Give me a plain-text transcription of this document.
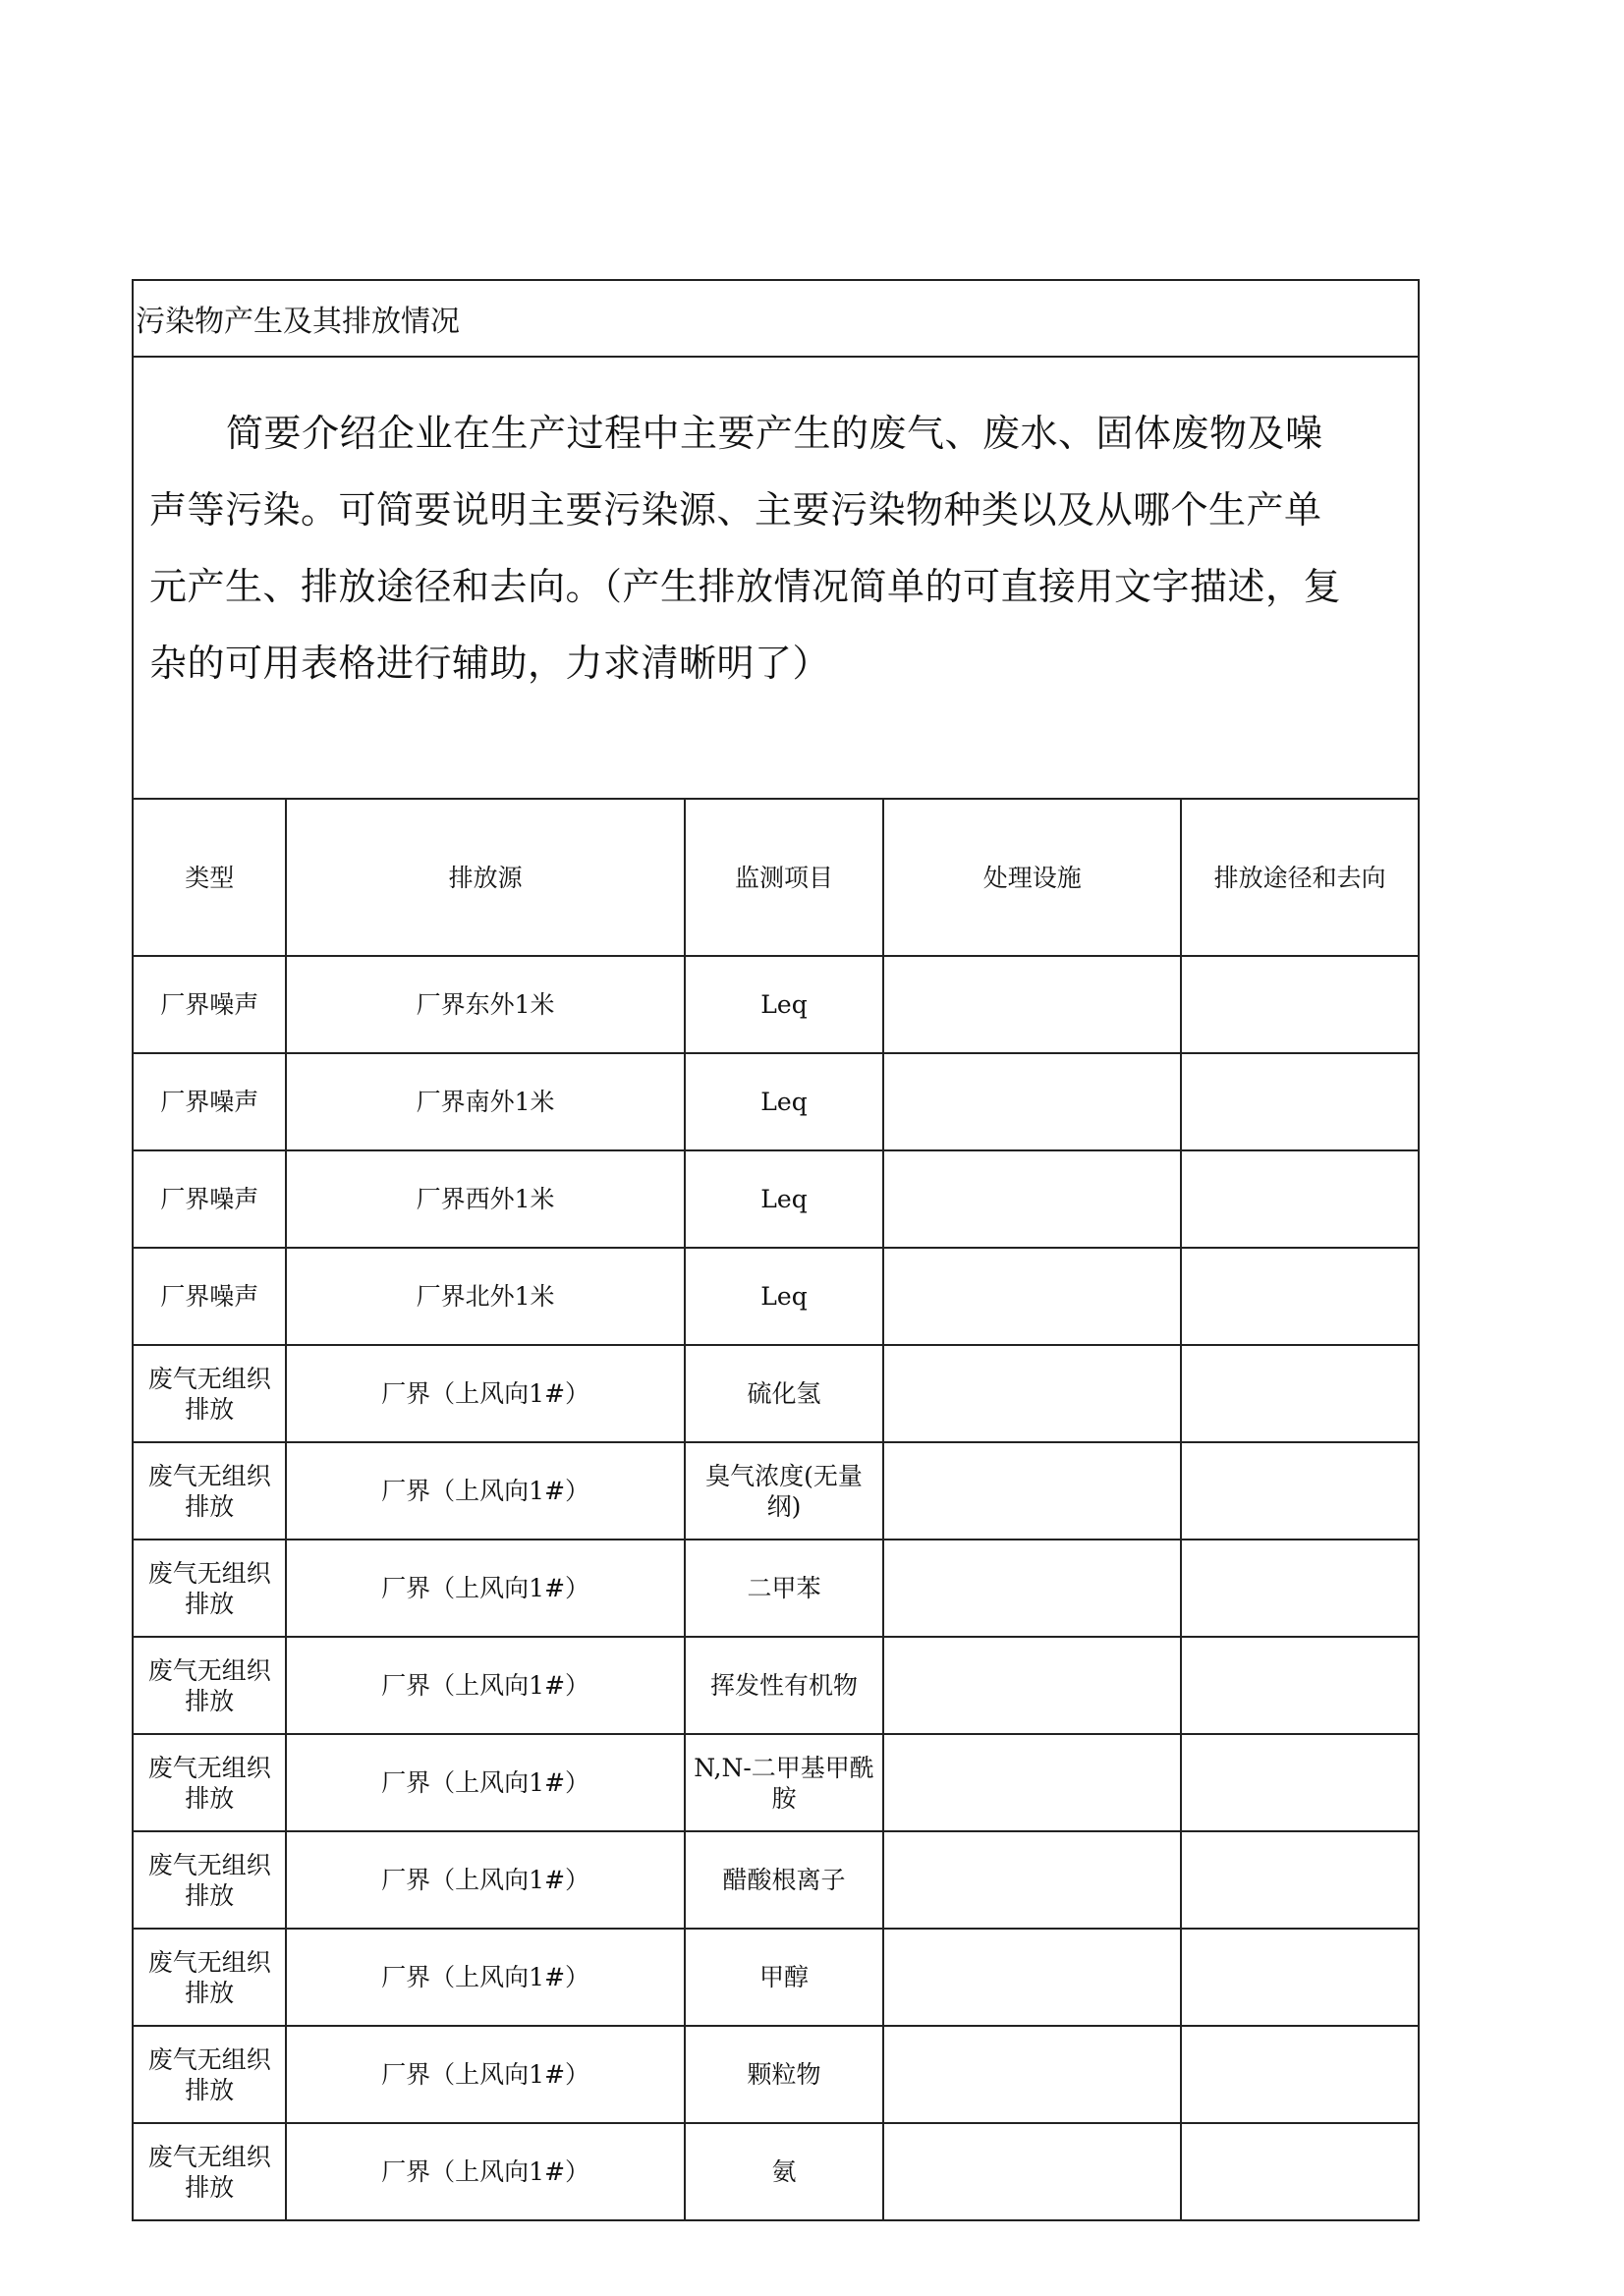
污染物产生及其排放情况
简要介绍企业在生产过程中主要产生的废气、废水、固体废物及噪声等污染。可简要说明主要污染源、主要污染物种类以及从哪个生产单元产生、排放途径和去向。（产生排放情况简单的可直接用文字描述，复杂的可用表格进行辅助，力求清晰明了）
类型	排放源	监测项目	处理设施	排放途径和去向
厂界噪声	厂界东外1米	Leq		
厂界噪声	厂界南外1米	Leq		
厂界噪声	厂界西外1米	Leq		
厂界噪声	厂界北外1米	Leq		
废气无组织排放	厂界（上风向1#）	硫化氢		
废气无组织排放	厂界（上风向1#）	臭气浓度(无量纲)		
废气无组织排放	厂界（上风向1#）	二甲苯		
废气无组织排放	厂界（上风向1#）	挥发性有机物		
废气无组织排放	厂界（上风向1#）	N,N-二甲基甲酰胺		
废气无组织排放	厂界（上风向1#）	醋酸根离子		
废气无组织排放	厂界（上风向1#）	甲醇		
废气无组织排放	厂界（上风向1#）	颗粒物		
废气无组织排放	厂界（上风向1#）	氨		
